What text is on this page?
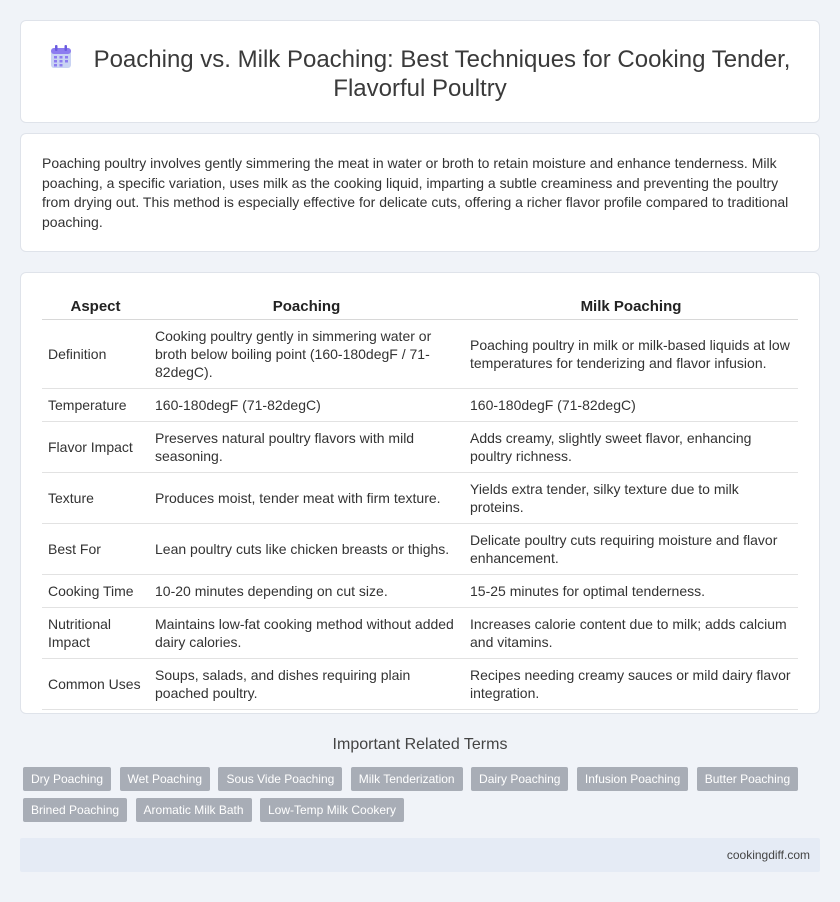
Poaching vs. Milk Poaching: Best Techniques for Cooking Tender, Flavorful Poultry

Poaching poultry involves gently simmering the meat in water or broth to retain moisture and enhance tenderness. Milk poaching, a specific variation, uses milk as the cooking liquid, imparting a subtle creaminess and preventing the poultry from drying out. This method is especially effective for delicate cuts, offering a richer flavor profile compared to traditional poaching.

Aspect	Poaching	Milk Poaching
Definition	Cooking poultry gently in simmering water or broth below boiling point (160-180degF / 71-82degC).	Poaching poultry in milk or milk-based liquids at low temperatures for tenderizing and flavor infusion.
Temperature	160-180degF (71-82degC)	160-180degF (71-82degC)
Flavor Impact	Preserves natural poultry flavors with mild seasoning.	Adds creamy, slightly sweet flavor, enhancing poultry richness.
Texture	Produces moist, tender meat with firm texture.	Yields extra tender, silky texture due to milk proteins.
Best For	Lean poultry cuts like chicken breasts or thighs.	Delicate poultry cuts requiring moisture and flavor enhancement.
Cooking Time	10-20 minutes depending on cut size.	15-25 minutes for optimal tenderness.
Nutritional Impact	Maintains low-fat cooking method without added dairy calories.	Increases calorie content due to milk; adds calcium and vitamins.
Common Uses	Soups, salads, and dishes requiring plain poached poultry.	Recipes needing creamy sauces or mild dairy flavor integration.
Important Related Terms
Dry Poaching Wet Poaching Sous Vide Poaching Milk Tenderization Dairy Poaching Infusion Poaching Butter Poaching Brined Poaching Aromatic Milk Bath Low-Temp Milk Cookery
cookingdiff.com
